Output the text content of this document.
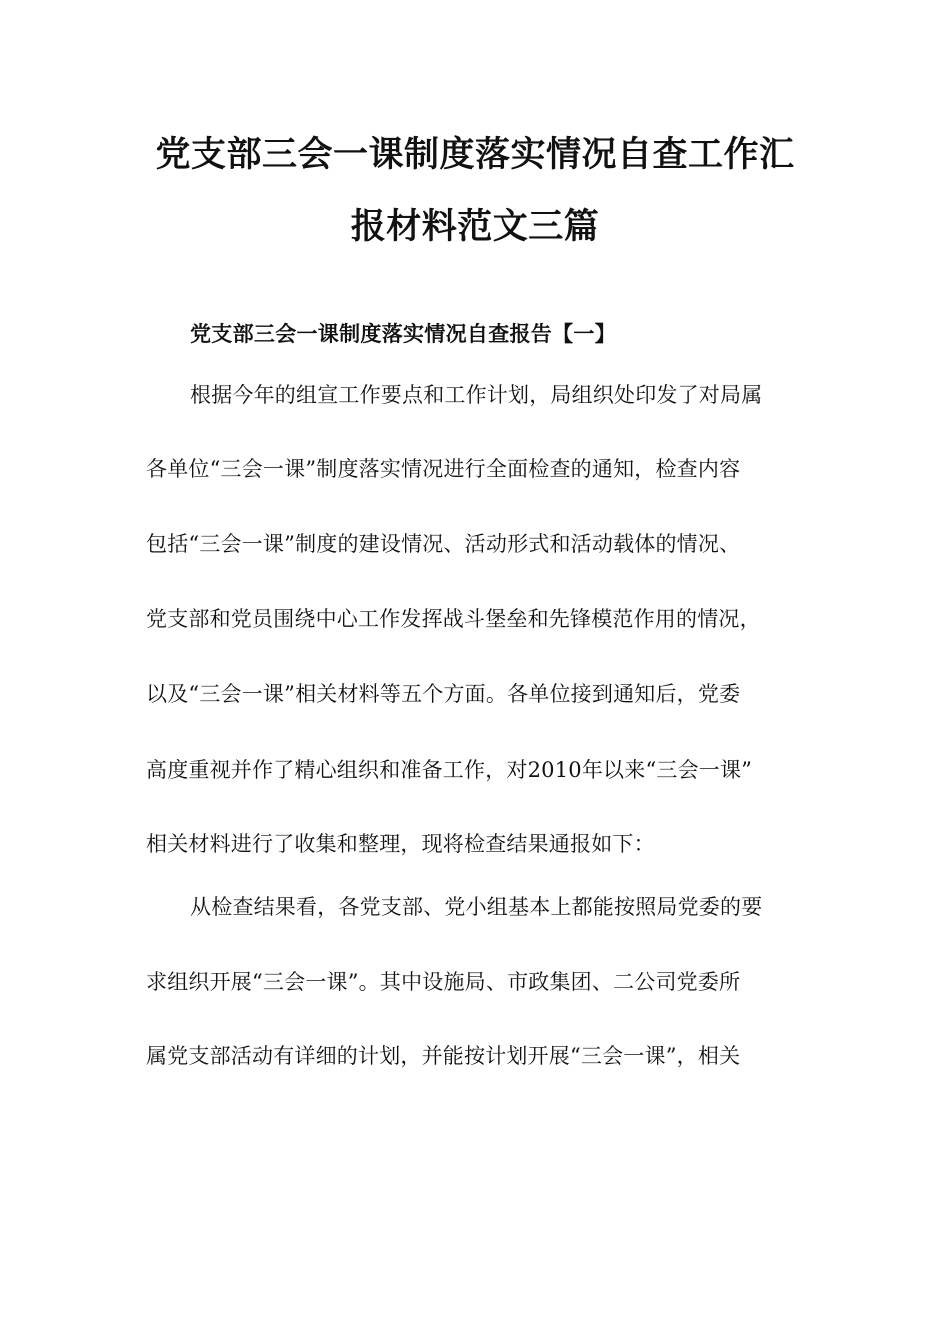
党支部三会一课制度落实情况自查工作汇
报材料范文三篇
党支部三会一课制度落实情况自查报告【一】
根据今年的组宣工作要点和工作计划，局组织处印发了对局属
各单位“三会一课”制度落实情况进行全面检查的通知，检查内容
包括“三会一课”制度的建设情况、活动形式和活动载体的情况、
党支部和党员围绕中心工作发挥战斗堡垒和先锋模范作用的情况，
以及“三会一课”相关材料等五个方面。各单位接到通知后，党委
高度重视并作了精心组织和准备工作，对2010年以来“三会一课”
相关材料进行了收集和整理，现将检查结果通报如下：
从检查结果看，各党支部、党小组基本上都能按照局党委的要
求组织开展“三会一课”。其中设施局、市政集团、二公司党委所
属党支部活动有详细的计划，并能按计划开展“三会一课”，相关
